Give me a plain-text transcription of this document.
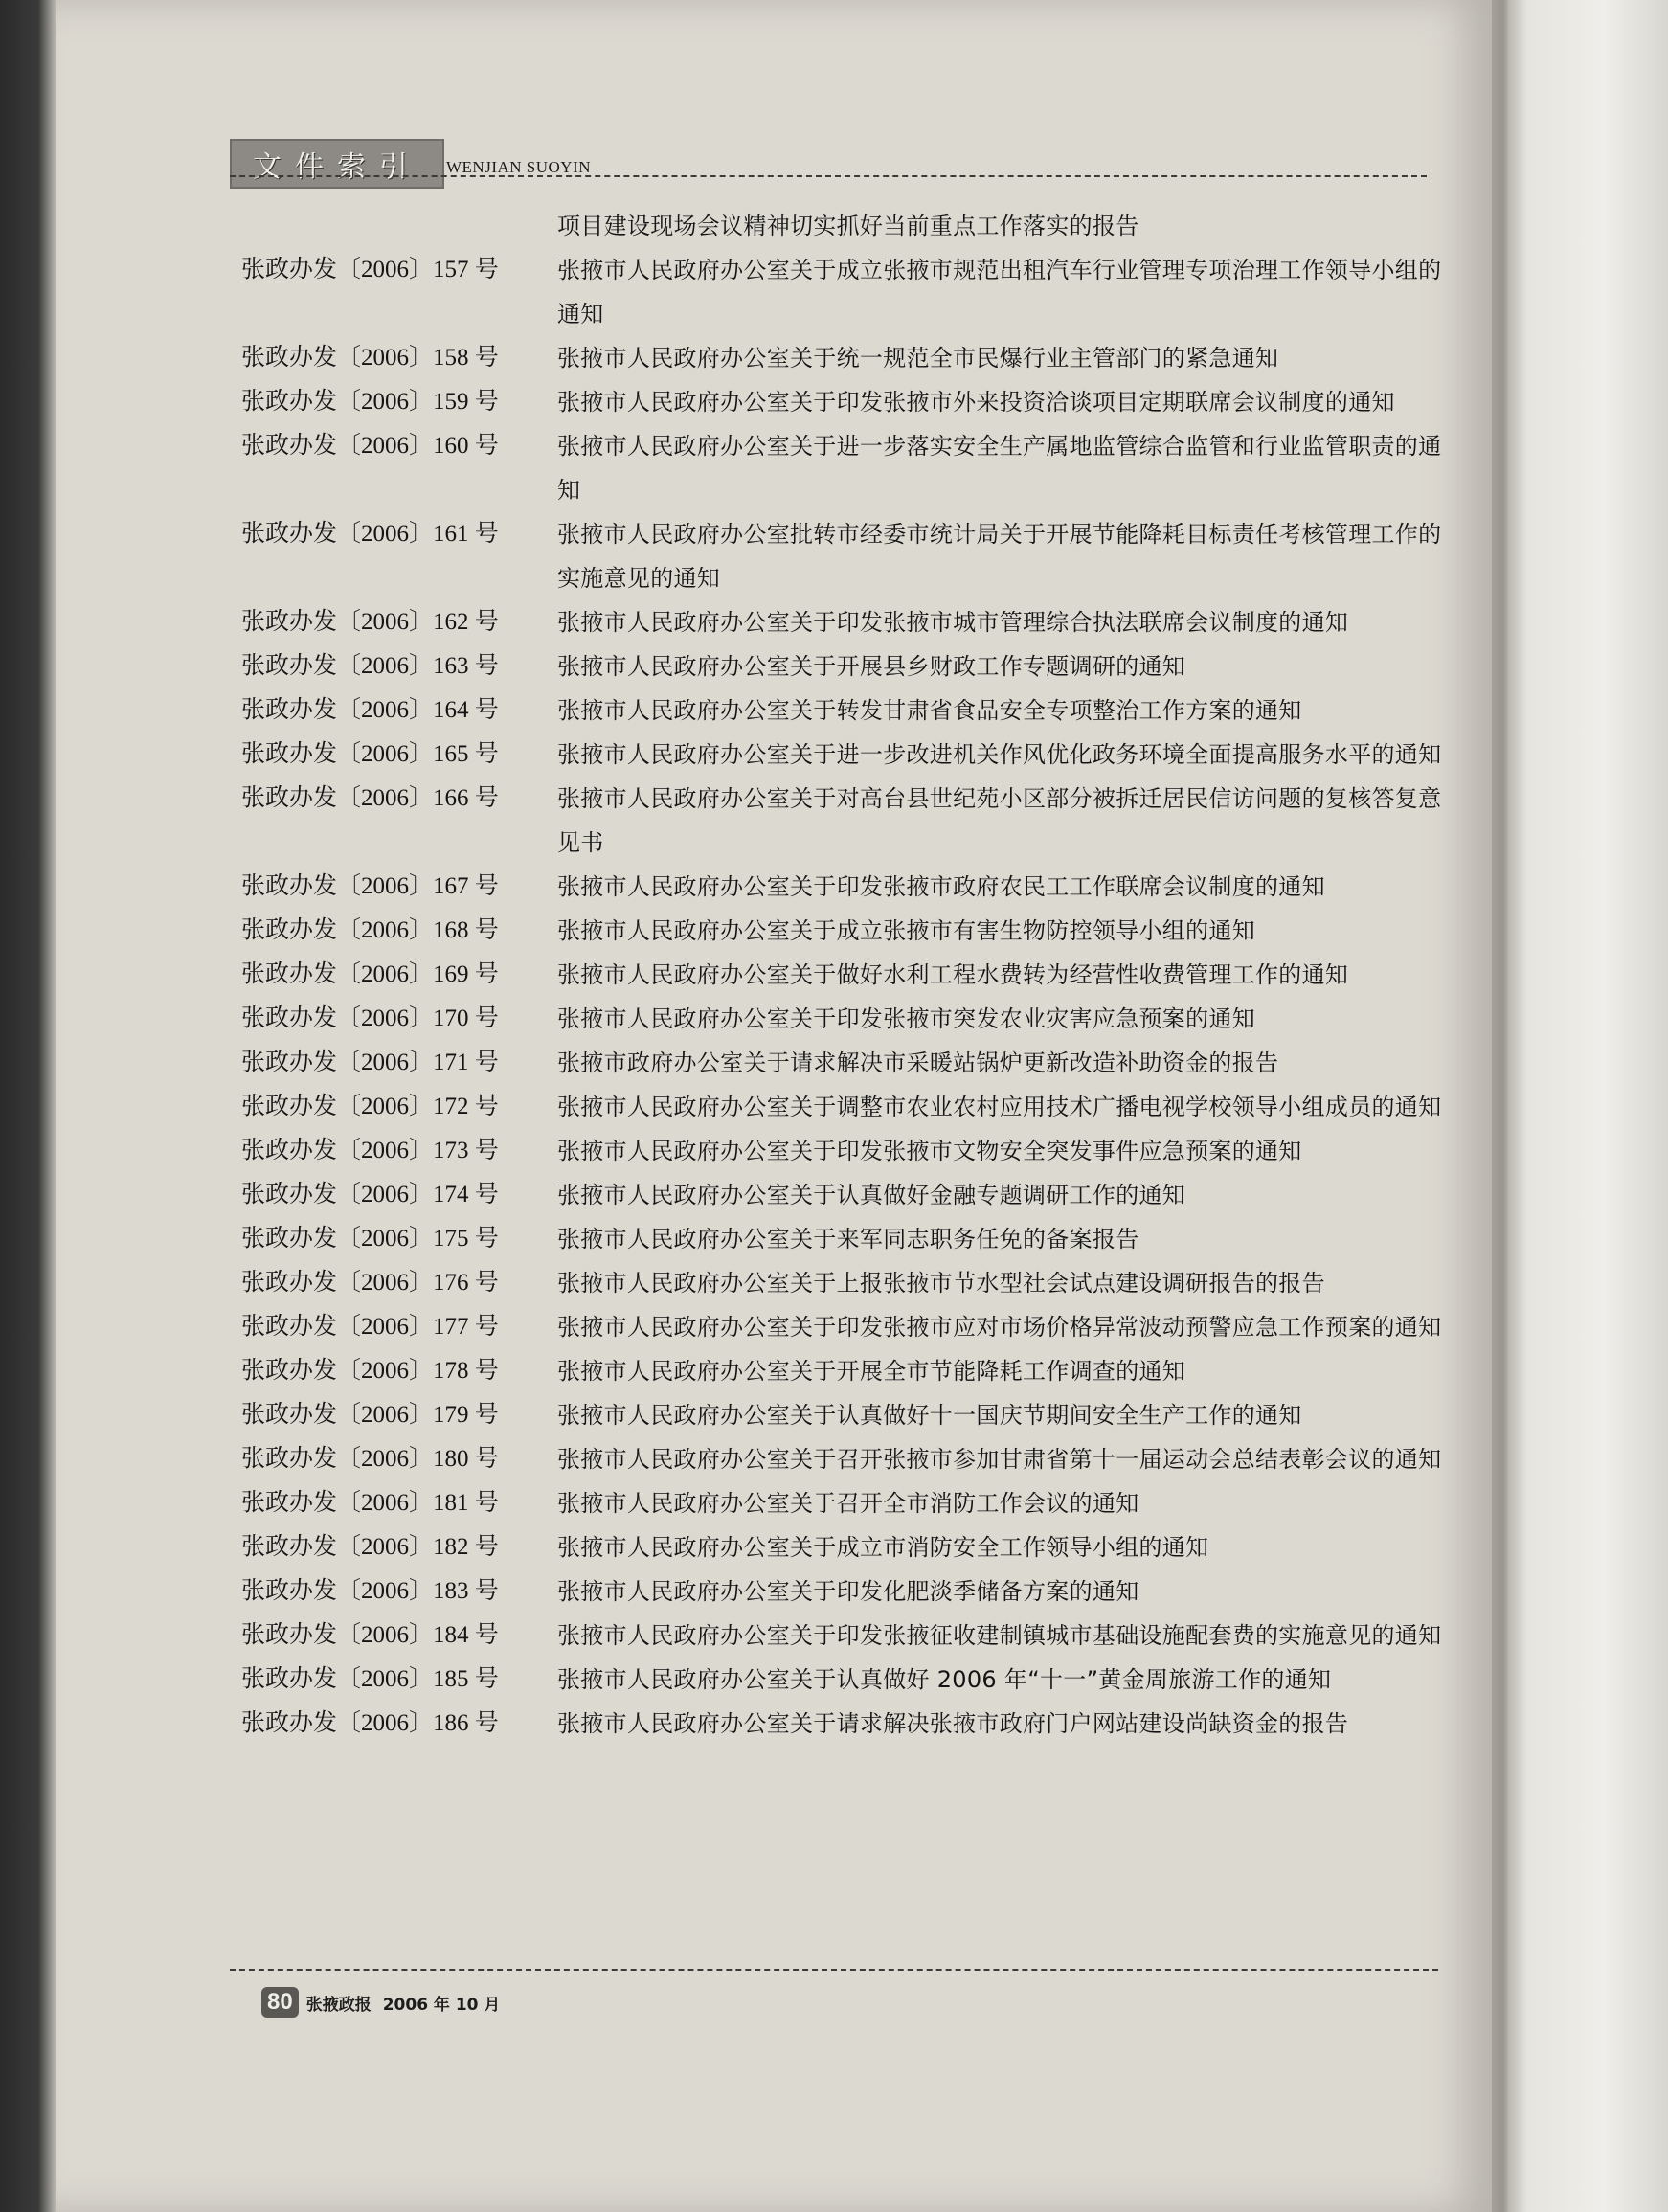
文件索引 WENJIAN SUOYIN
项目建设现场会议精神切实抓好当前重点工作落实的报告
张政办发〔2006〕157 号	张掖市人民政府办公室关于成立张掖市规范出租汽车行业管理专项治理工作领导小组的通知
张政办发〔2006〕158 号	张掖市人民政府办公室关于统一规范全市民爆行业主管部门的紧急通知
张政办发〔2006〕159 号	张掖市人民政府办公室关于印发张掖市外来投资洽谈项目定期联席会议制度的通知
张政办发〔2006〕160 号	张掖市人民政府办公室关于进一步落实安全生产属地监管综合监管和行业监管职责的通知
张政办发〔2006〕161 号	张掖市人民政府办公室批转市经委市统计局关于开展节能降耗目标责任考核管理工作的实施意见的通知
张政办发〔2006〕162 号	张掖市人民政府办公室关于印发张掖市城市管理综合执法联席会议制度的通知
张政办发〔2006〕163 号	张掖市人民政府办公室关于开展县乡财政工作专题调研的通知
张政办发〔2006〕164 号	张掖市人民政府办公室关于转发甘肃省食品安全专项整治工作方案的通知
张政办发〔2006〕165 号	张掖市人民政府办公室关于进一步改进机关作风优化政务环境全面提高服务水平的通知
张政办发〔2006〕166 号	张掖市人民政府办公室关于对高台县世纪苑小区部分被拆迁居民信访问题的复核答复意见书
张政办发〔2006〕167 号	张掖市人民政府办公室关于印发张掖市政府农民工工作联席会议制度的通知
张政办发〔2006〕168 号	张掖市人民政府办公室关于成立张掖市有害生物防控领导小组的通知
张政办发〔2006〕169 号	张掖市人民政府办公室关于做好水利工程水费转为经营性收费管理工作的通知
张政办发〔2006〕170 号	张掖市人民政府办公室关于印发张掖市突发农业灾害应急预案的通知
张政办发〔2006〕171 号	张掖市政府办公室关于请求解决市采暖站锅炉更新改造补助资金的报告
张政办发〔2006〕172 号	张掖市人民政府办公室关于调整市农业农村应用技术广播电视学校领导小组成员的通知
张政办发〔2006〕173 号	张掖市人民政府办公室关于印发张掖市文物安全突发事件应急预案的通知
张政办发〔2006〕174 号	张掖市人民政府办公室关于认真做好金融专题调研工作的通知
张政办发〔2006〕175 号	张掖市人民政府办公室关于来军同志职务任免的备案报告
张政办发〔2006〕176 号	张掖市人民政府办公室关于上报张掖市节水型社会试点建设调研报告的报告
张政办发〔2006〕177 号	张掖市人民政府办公室关于印发张掖市应对市场价格异常波动预警应急工作预案的通知
张政办发〔2006〕178 号	张掖市人民政府办公室关于开展全市节能降耗工作调查的通知
张政办发〔2006〕179 号	张掖市人民政府办公室关于认真做好十一国庆节期间安全生产工作的通知
张政办发〔2006〕180 号	张掖市人民政府办公室关于召开张掖市参加甘肃省第十一届运动会总结表彰会议的通知
张政办发〔2006〕181 号	张掖市人民政府办公室关于召开全市消防工作会议的通知
张政办发〔2006〕182 号	张掖市人民政府办公室关于成立市消防安全工作领导小组的通知
张政办发〔2006〕183 号	张掖市人民政府办公室关于印发化肥淡季储备方案的通知
张政办发〔2006〕184 号	张掖市人民政府办公室关于印发张掖征收建制镇城市基础设施配套费的实施意见的通知
张政办发〔2006〕185 号	张掖市人民政府办公室关于认真做好 2006 年“十一”黄金周旅游工作的通知
张政办发〔2006〕186 号	张掖市人民政府办公室关于请求解决张掖市政府门户网站建设尚缺资金的报告
80 张掖政报 2006 年 10 月
